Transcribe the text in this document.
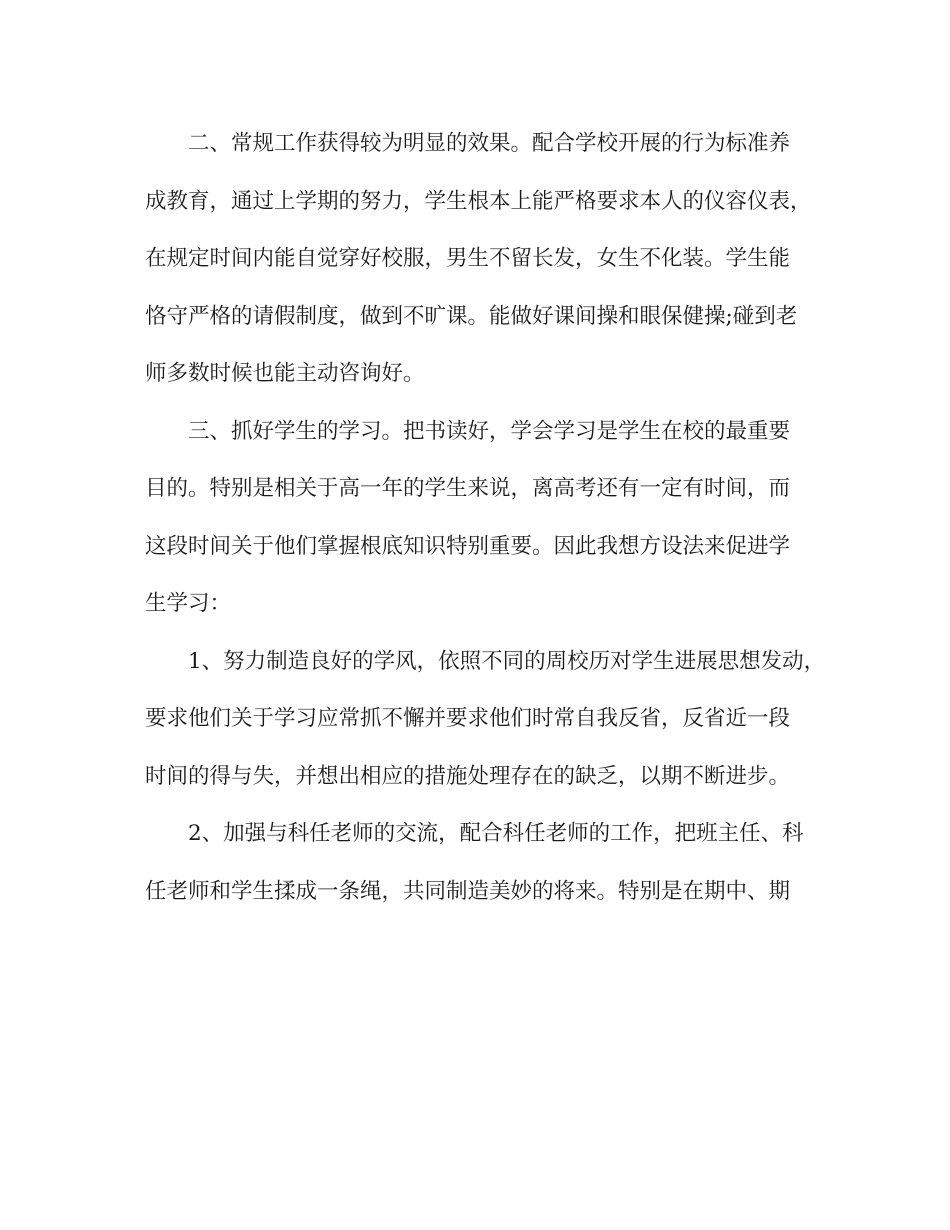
二、常规工作获得较为明显的效果。配合学校开展的行为标准养
成教育，通过上学期的努力，学生根本上能严格要求本人的仪容仪表，
在规定时间内能自觉穿好校服，男生不留长发，女生不化装。学生能
恪守严格的请假制度，做到不旷课。能做好课间操和眼保健操;碰到老
师多数时候也能主动咨询好。
三、抓好学生的学习。把书读好，学会学习是学生在校的最重要
目的。特别是相关于高一年的学生来说，离高考还有一定有时间，而
这段时间关于他们掌握根底知识特别重要。因此我想方设法来促进学
生学习：
1、努力制造良好的学风，依照不同的周校历对学生进展思想发动，
要求他们关于学习应常抓不懈并要求他们时常自我反省，反省近一段
时间的得与失，并想出相应的措施处理存在的缺乏，以期不断进步。
2、加强与科任老师的交流，配合科任老师的工作，把班主任、科
任老师和学生揉成一条绳，共同制造美妙的将来。特别是在期中、期
